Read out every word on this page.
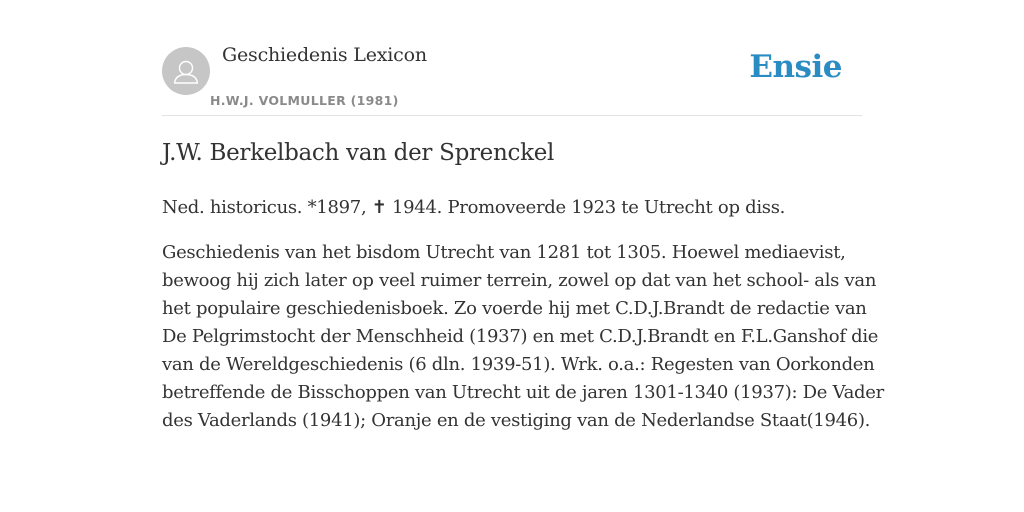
Geschiedenis Lexicon
H.W.J. VOLMULLER (1981)
Ensie
J.W. Berkelbach van der Sprenckel

Ned. historicus. *1897, ✝ 1944. Promoveerde 1923 te Utrecht op diss.

Geschiedenis van het bisdom Utrecht van 1281 tot 1305. Hoewel mediaevist,
bewoog hij zich later op veel ruimer terrein, zowel op dat van het school- als van
het populaire geschiedenisboek. Zo voerde hij met C.D.J.Brandt de redactie van
De Pelgrimstocht der Menschheid (1937) en met C.D.J.Brandt en F.L.Ganshof die
van de Wereldgeschiedenis (6 dln. 1939-51). Wrk. o.a.: Regesten van Oorkonden
betreffende de Bisschoppen van Utrecht uit de jaren 1301-1340 (1937): De Vader
des Vaderlands (1941); Oranje en de vestiging van de Nederlandse Staat(1946).
